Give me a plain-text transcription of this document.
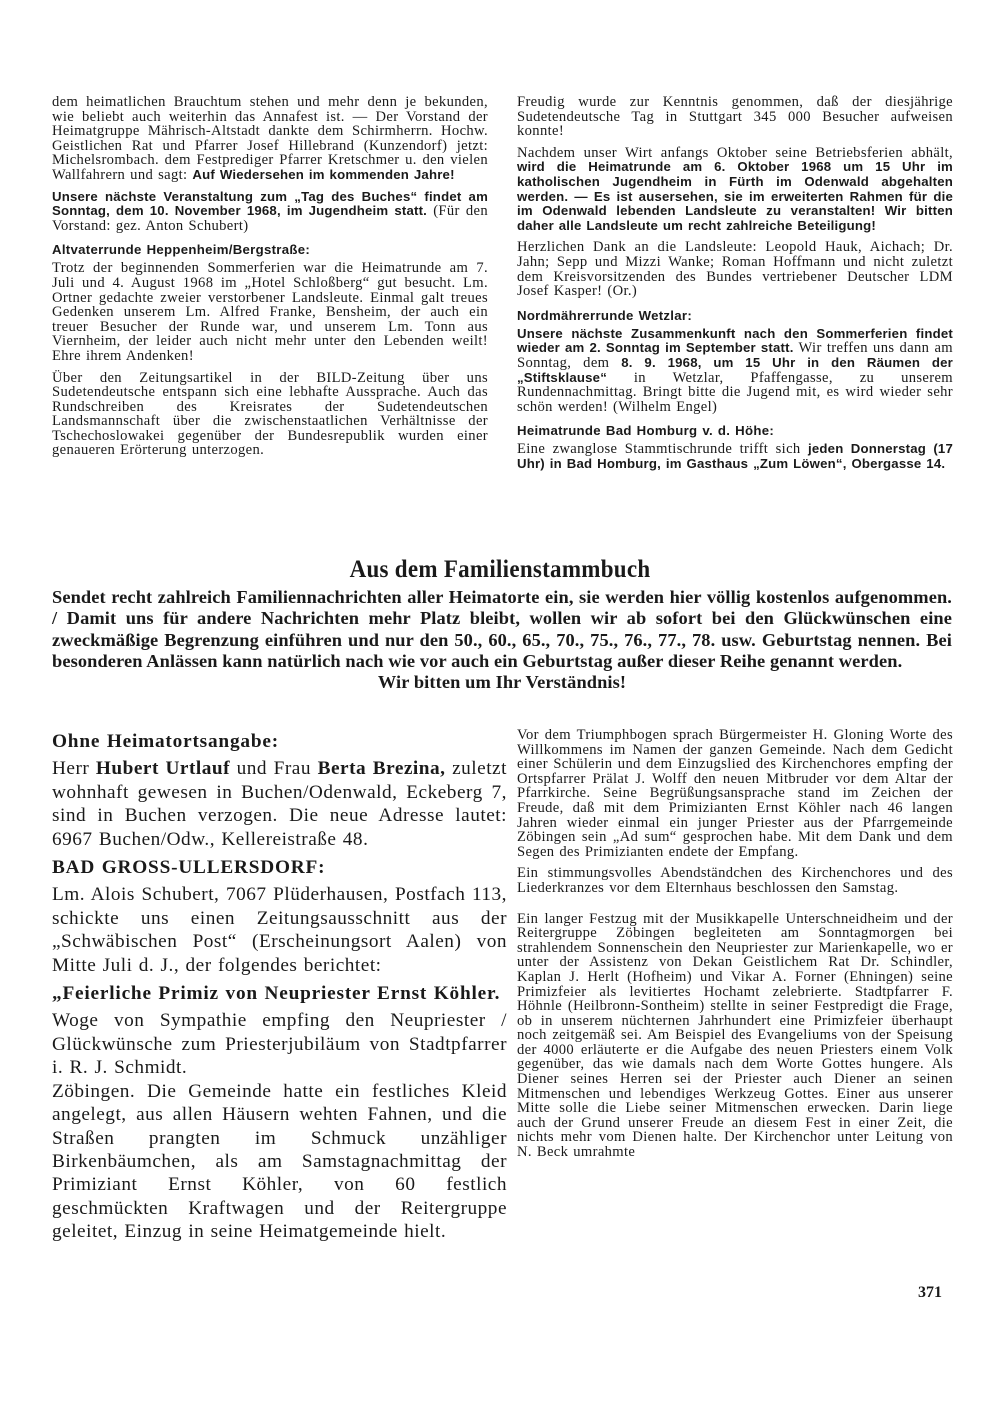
dem heimatlichen Brauchtum stehen und mehr denn je bekunden, wie beliebt auch weiterhin das Annafest ist. — Der Vorstand der Heimatgruppe Mährisch-Altstadt dankte dem Schirmherrn. Hochw. Geistlichen Rat und Pfarrer Josef Hillebrand (Kunzendorf) jetzt: Michelsrombach. dem Festprediger Pfarrer Kretschmer u. den vielen Wallfahrern und sagt: Auf Wiedersehen im kommenden Jahre!

Unsere nächste Veranstaltung zum „Tag des Buches“ findet am Sonntag, dem 10. November 1968, im Jugendheim statt. (Für den Vorstand: gez. Anton Schubert)

Altvaterrunde Heppenheim/Bergstraße:

Trotz der beginnenden Sommerferien war die Heimatrunde am 7. Juli und 4. August 1968 im „Hotel Schloßberg“ gut besucht. Lm. Ortner gedachte zweier verstorbener Landsleute. Einmal galt treues Gedenken unserem Lm. Alfred Franke, Bensheim, der auch ein treuer Besucher der Runde war, und unserem Lm. Tonn aus Viernheim, der leider auch nicht mehr unter den Lebenden weilt! Ehre ihrem Andenken!

Über den Zeitungsartikel in der BILD-Zeitung über uns Sudetendeutsche entspann sich eine lebhafte Aussprache. Auch das Rundschreiben des Kreisrates der Sudetendeutschen Landsmannschaft über die zwischenstaatlichen Verhältnisse der Tschechoslowakei gegenüber der Bundesrepublik wurden einer genaueren Erörterung unterzogen.

Freudig wurde zur Kenntnis genommen, daß der diesjährige Sudetendeutsche Tag in Stuttgart 345 000 Besucher aufweisen konnte!

Nachdem unser Wirt anfangs Oktober seine Betriebsferien abhält, wird die Heimatrunde am 6. Oktober 1968 um 15 Uhr im katholischen Jugendheim in Fürth im Odenwald abgehalten werden. — Es ist ausersehen, sie im erweiterten Rahmen für die im Odenwald lebenden Landsleute zu veranstalten! Wir bitten daher alle Landsleute um recht zahlreiche Beteiligung!

Herzlichen Dank an die Landsleute: Leopold Hauk, Aichach; Dr. Jahn; Sepp und Mizzi Wanke; Roman Hoffmann und nicht zuletzt dem Kreisvorsitzenden des Bundes vertriebener Deutscher LDM Josef Kasper! (Or.)

Nordmährerrunde Wetzlar:

Unsere nächste Zusammenkunft nach den Sommerferien findet wieder am 2. Sonntag im September statt. Wir treffen uns dann am Sonntag, dem 8. 9. 1968, um 15 Uhr in den Räumen der „Stiftsklause“ in Wetzlar, Pfaffengasse, zu unserem Rundennachmittag. Bringt bitte die Jugend mit, es wird wieder sehr schön werden! (Wilhelm Engel)

Heimatrunde Bad Homburg v. d. Höhe:

Eine zwanglose Stammtischrunde trifft sich jeden Donnerstag (17 Uhr) in Bad Homburg, im Gasthaus „Zum Löwen“, Obergasse 14.

Aus dem Familienstammbuch

Sendet recht zahlreich Familiennachrichten aller Heimatorte ein, sie werden hier völlig kostenlos aufgenommen. / Damit uns für andere Nachrichten mehr Platz bleibt, wollen wir ab sofort bei den Glückwünschen eine zweckmäßige Begrenzung einführen und nur den 50., 60., 65., 70., 75., 76., 77., 78. usw. Geburtstag nennen. Bei besonderen Anlässen kann natürlich nach wie vor auch ein Geburtstag außer dieser Reihe genannt werden.

Wir bitten um Ihr Verständnis!

Ohne Heimatortsangabe:

Herr Hubert Urtlauf und Frau Berta Brezina, zuletzt wohnhaft gewesen in Buchen/Odenwald, Eckeberg 7, sind in Buchen verzogen. Die neue Adresse lautet: 6967 Buchen/Odw., Kellereistraße 48.

BAD GROSS-ULLERSDORF:

Lm. Alois Schubert, 7067 Plüderhausen, Postfach 113, schickte uns einen Zeitungsausschnitt aus der „Schwäbischen Post“ (Erscheinungsort Aalen) von Mitte Juli d. J., der folgendes berichtet:

„Feierliche Primiz von Neupriester Ernst Köhler.

Woge von Sympathie empfing den Neupriester / Glückwünsche zum Priesterjubiläum von Stadtpfarrer i. R. J. Schmidt.

Zöbingen. Die Gemeinde hatte ein festliches Kleid angelegt, aus allen Häusern wehten Fahnen, und die Straßen prangten im Schmuck unzähliger Birkenbäumchen, als am Samstagnachmittag der Primiziant Ernst Köhler, von 60 festlich geschmückten Kraftwagen und der Reitergruppe geleitet, Einzug in seine Heimatgemeinde hielt.

Vor dem Triumphbogen sprach Bürgermeister H. Gloning Worte des Willkommens im Namen der ganzen Gemeinde. Nach dem Gedicht einer Schülerin und dem Einzugslied des Kirchenchores empfing der Ortspfarrer Prälat J. Wolff den neuen Mitbruder vor dem Altar der Pfarrkirche. Seine Begrüßungsansprache stand im Zeichen der Freude, daß mit dem Primizianten Ernst Köhler nach 46 langen Jahren wieder einmal ein junger Priester aus der Pfarrgemeinde Zöbingen sein „Ad sum“ gesprochen habe. Mit dem Dank und dem Segen des Primizianten endete der Empfang.

Ein stimmungsvolles Abendständchen des Kirchenchores und des Liederkranzes vor dem Elternhaus beschlossen den Samstag.

Ein langer Festzug mit der Musikkapelle Unterschneidheim und der Reitergruppe Zöbingen begleiteten am Sonntagmorgen bei strahlendem Sonnenschein den Neupriester zur Marienkapelle, wo er unter der Assistenz von Dekan Geistlichem Rat Dr. Schindler, Kaplan J. Herlt (Hofheim) und Vikar A. Forner (Ehningen) seine Primizfeier als levitiertes Hochamt zelebrierte. Stadtpfarrer F. Höhnle (Heilbronn-Sontheim) stellte in seiner Festpredigt die Frage, ob in unserem nüchternen Jahrhundert eine Primizfeier überhaupt noch zeitgemäß sei. Am Beispiel des Evangeliums von der Speisung der 4000 erläuterte er die Aufgabe des neuen Priesters einem Volk gegenüber, das wie damals nach dem Worte Gottes hungere. Als Diener seines Herren sei der Priester auch Diener an seinen Mitmenschen und lebendiges Werkzeug Gottes. Einer aus unserer Mitte solle die Liebe seiner Mitmenschen erwecken. Darin liege auch der Grund unserer Freude an diesem Fest in einer Zeit, die nichts mehr vom Dienen halte. Der Kirchenchor unter Leitung von N. Beck umrahmte

371
